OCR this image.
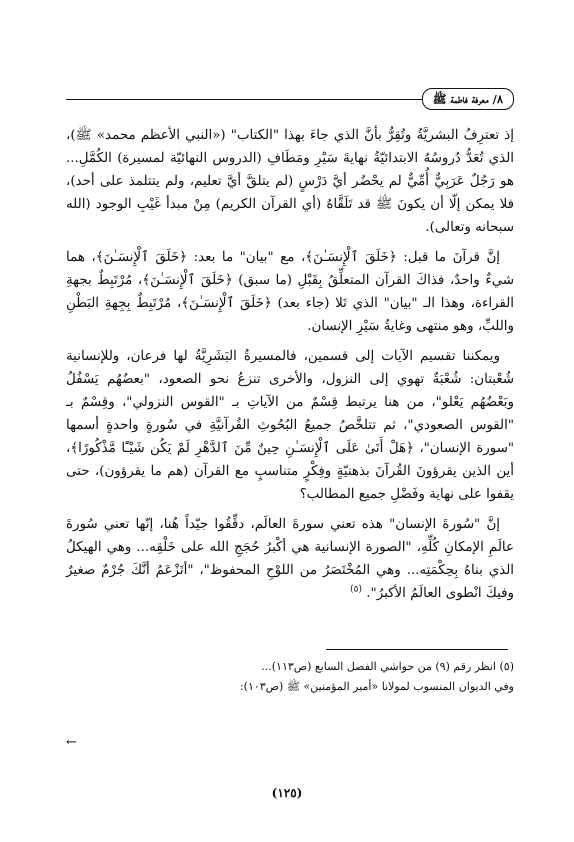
٨/ معرفة فاطمة ﷺ

إذ تعترِفُ البشريَّةُ وتُقِرُّ بأنَّ الذي جاءَ بهذا "الكتاب" («النبي الأعظم محمد» ﷺ)، الذي تُعَدُّ دُروسُهُ الابتدائيّةُ نهايةَ سَيْرِ ومَطَافِ (الدروس النهائيّة لمسيرة) الكُمَّلِ... هو رَجُلٌ عَرَبِيٌّ أُمِّيٌّ لم يحْضُر أيَّ دَرْسٍ (لم يتلقَّ أيَّ تعليم، ولم يتتلمذ على أحد)، فلا يمكن إلّا أن يكونَ ﷺ قد تَلَقَّاهُ (أي القرآن الكريم) مِنْ مبدأ غَيْبِ الوجود (الله سبحانه وتعالى).

إنَّ قرآنَ ما قبل: ﴿خَلَقَ ٱلْإِنسَـٰنَ﴾، مع "بيان" ما بعد: ﴿خَلَقَ ٱلْإِنسَـٰنَ﴾، هما شيءٌ واحدٌ، فذاكَ القرآن المتعلِّقُ بِقَبْلِ (ما سبق) ﴿خَلَقَ ٱلْإِنسَـٰنَ﴾، مُرْتَبِطٌ بجهةِ القراءة، وهذا الـ "بيان" الذي تَلا (جاء بعد) ﴿خَلَقَ ٱلْإِنسَـٰنَ﴾، مُرْتَبِطٌ بِجِهةِ البَطْنِ واللبِّ، وهو منتهى وغايةُ سَيْرِ الإنسان.

ويمكننا تقسيم الآيات إلى قسمين، فالمسيرةُ البَشَرِيَّةُ لها فرعان، وللإنسانية شُعْبتان: شُعْبَةٌ تهوي إلى النزول، والأخرى تنزعُ نحو الصعود، "بعضُهُم يَسْفُلُ وبَعْضُهُم يَعْلو"، من هنا يرتبط قِسْمٌ من الآياتِ بـ "القوس النزولي"، وقِسْمٌ بـ "القوس الصعودي"، ثم تتلخَّصُ جميعُ البُحُوثِ القُرآنيَّةِ في سُورةٍ واحدةٍ أسمها "سورة الإنسان"، ﴿هَلْ أَتَىٰ عَلَى ٱلْإِنسَـٰنِ حِينٌ مِّنَ ٱلدَّهْرِ لَمْ يَكُن شَيْـًٔا مَّذْكُورًا﴾، أين الذين يقرؤونَ القُرآنَ بذهنيّةٍ وفِكْرٍ متناسبٍ مع القرآن (هم ما يقرؤون)، حتى يقفوا على نهاية وفَضْلِ جميع المطالب؟

إنَّ "سُورةَ الإنسان" هذه تعني سورةَ العالَم، دقِّقُوا جيّداً هُنا، إنّها تعني سُورةَ عالَمِ الإمكانِ كُلِّهِ، "الصورة الإنسانية هي أكْبرُ حُجَجِ الله على خَلْقِه... وهي الهيكلُ الذي بناهُ بِحِكْمَتِه... وهي المُخْتَصَرُ من اللوْحِ المحفوظ"، "أتَزْعَمُ أنَّكَ جُرْمٌ صغيرٌ وفيكَ انْطوى العالَمُ الأكبرُ". $^{(٥)}$

(٥) انظر رقم (٩) من حواشي الفصل السابع (ص١١٣)...

وفي الديوان المنسوب لمولانا «أمير المؤمنين» ﷺ (ص١٠٣):

←
(١٢٥)
